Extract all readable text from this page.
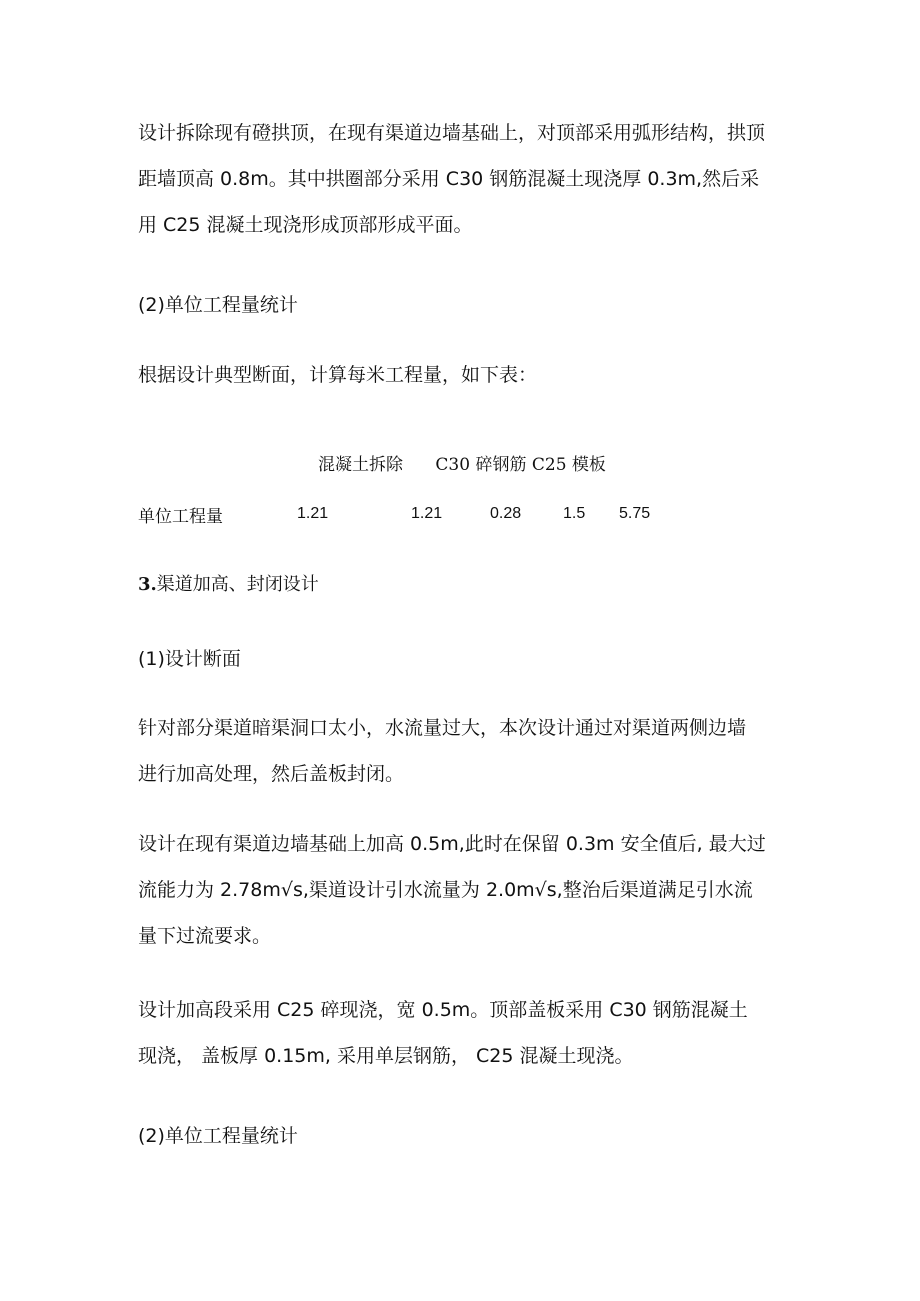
设计拆除现有磴拱顶，在现有渠道边墙基础上，对顶部采用弧形结构，拱顶
距墙顶高 0.8m。其中拱圈部分采用 C30 钢筋混凝土现浇厚 0.3m,然后采
用 C25 混凝土现浇形成顶部形成平面。
(2)单位工程量统计
根据设计典型断面，计算每米工程量，如下表：
混凝土拆除      C30 碎钢筋 C25 模板
单位工程量	1.21	1.21	0.28	1.5 5.75
3.渠道加高、封闭设计
(1)设计断面
针对部分渠道暗渠洞口太小，水流量过大，本次设计通过对渠道两侧边墙
进行加高处理，然后盖板封闭。
设计在现有渠道边墙基础上加高 0.5m,此时在保留 0.3m 安全值后, 最大过
流能力为 2.78m√s,渠道设计引水流量为 2.0m√s,整治后渠道满足引水流
量下过流要求。
设计加高段采用 C25 碎现浇，宽 0.5m。顶部盖板采用 C30 钢筋混凝土
现浇， 盖板厚 0.15m, 采用单层钢筋， C25 混凝土现浇。
(2)单位工程量统计
